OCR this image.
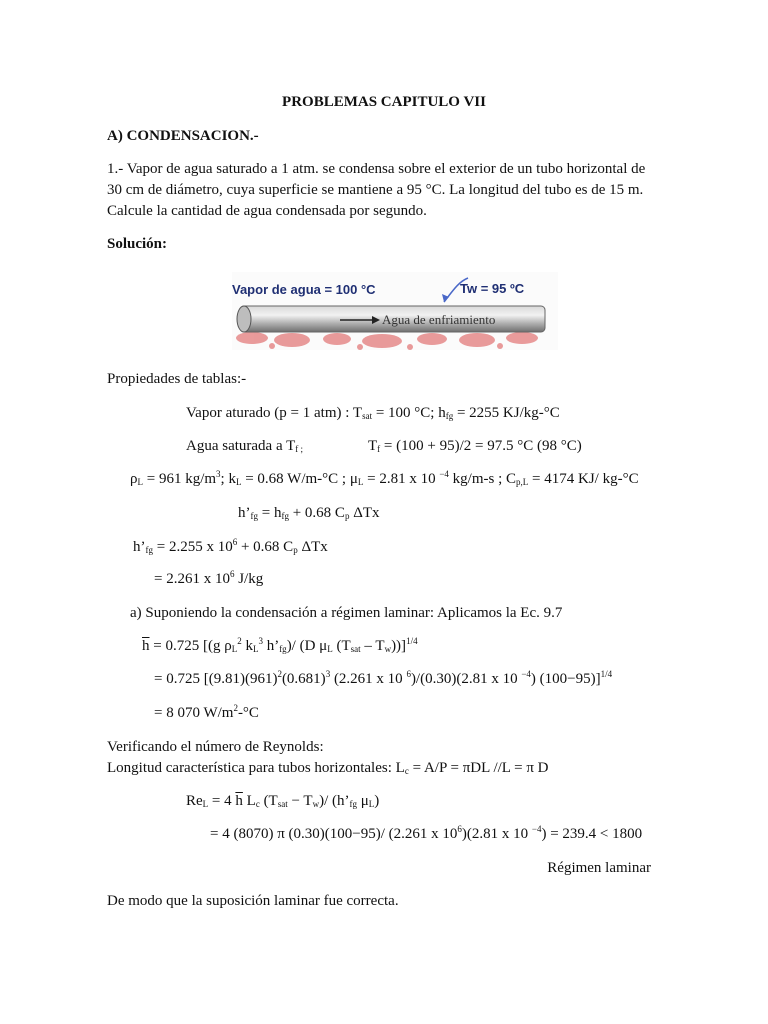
PROBLEMAS CAPITULO VII
A) CONDENSACION.-
1.- Vapor de agua saturado a 1 atm. se condensa sobre el exterior de un tubo horizontal de
30 cm de diámetro, cuya superficie se mantiene a 95 °C. La longitud del tubo es de 15 m.
Calcule la cantidad de agua condensada por segundo.
Solución:
Agua de enfriamiento
Vapor de agua = 100 °C	Tw = 95 ºC
Propiedades de tablas:-
Vapor aturado (p = 1 atm) : $T_{sat} = 100$ °C; $h_{fg} = 2255$ KJ/kg-°C
Agua saturada a $T_{f ;}$	$T_f = (100 + 95)/2 = 97.5$ °C (98 °C)
$\rho_L = 961$ $kg/m^3$; $k_L = 0.68$ W/m-°C ; $\mu_L = 2.81$ x 10 $^{-4}$ kg/m-s ; $C_{p,L} = 4174$ KJ/ kg-°C
$h’_{fg} = h_{fg} + 0.68$ $C_p$ ΔTx
$h’_{fg} = 2.255$ x $10^6 + 0.68$ $C_p$ ΔTx
= 2.261 x $10^6$ J/kg
a) Suponiendo la condensación a régimen laminar: Aplicamos la Ec. 9.7
$\overline{h} = 0.725$ [(g $\rho_L^2$ $k_L^3$ $h’_{fg})/$ (D $\mu_L$ $(T_{sat} - T_w))]^{1/4}$
= 0.725 [$(9.81)(961)^2(0.681)^3$ (2.261 x 10 $^6$)/(0.30)(2.81 x 10 $^{-4}$) (100−95)]$^{1/4}$
= 8 070 $W/m^2-^\circ C$
Verificando el número de Reynolds:
Longitud característica para tubos horizontales: $L_c = A/P = \pi DL$ //L = π D
$Re_L = 4$ $\overline{h}$ $L_c$ $(T_{sat} - T_w)/$ ($h’_{fg}$ $\mu_L$)
= 4 (8070) π (0.30)(100−95)/ (2.261 x $10^6)(2.81$ x 10 $^{-4}$) = 239.4 < 1800
Régimen laminar
De modo que la suposición laminar fue correcta.
